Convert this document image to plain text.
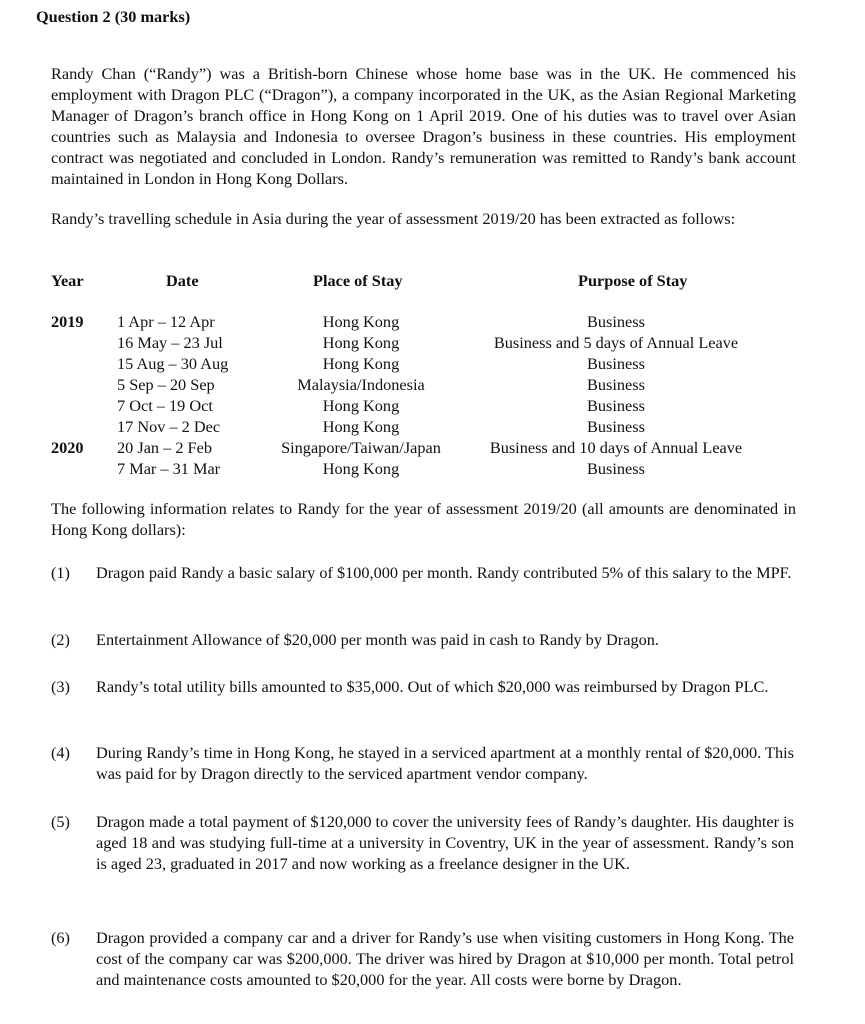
Question 2 (30 marks)
Randy Chan (“Randy”) was a British-born Chinese whose home base was in the UK. He commenced his employment with Dragon PLC (“Dragon”), a company incorporated in the UK, as the Asian Regional Marketing Manager of Dragon’s branch office in Hong Kong on 1 April 2019. One of his duties was to travel over Asian countries such as Malaysia and Indonesia to oversee Dragon’s business in these countries. His employment contract was negotiated and concluded in London. Randy’s remuneration was remitted to Randy’s bank account maintained in London in Hong Kong Dollars.
Randy’s travelling schedule in Asia during the year of assessment 2019/20 has been extracted as follows:
Year	Date	Place of Stay	Purpose of Stay
2019 1 Apr – 12 Apr	Hong Kong	Business
16 May – 23 Jul	Hong Kong	Business and 5 days of Annual Leave
15 Aug – 30 Aug	Hong Kong	Business
5 Sep – 20 Sep	Malaysia/Indonesia	Business
7 Oct – 19 Oct	Hong Kong	Business
17 Nov – 2 Dec	Hong Kong	Business
2020 20 Jan – 2 Feb	Singapore/Taiwan/Japan	Business and 10 days of Annual Leave
7 Mar – 31 Mar	Hong Kong	Business
The following information relates to Randy for the year of assessment 2019/20 (all amounts are denominated in Hong Kong dollars):
(1) Dragon paid Randy a basic salary of $100,000 per month. Randy contributed 5% of this salary to the MPF.
(2) Entertainment Allowance of $20,000 per month was paid in cash to Randy by Dragon.
(3) Randy’s total utility bills amounted to $35,000. Out of which $20,000 was reimbursed by Dragon PLC.
(4) During Randy’s time in Hong Kong, he stayed in a serviced apartment at a monthly rental of $20,000. This was paid for by Dragon directly to the serviced apartment vendor company.
(5) Dragon made a total payment of $120,000 to cover the university fees of Randy’s daughter. His daughter is aged 18 and was studying full-time at a university in Coventry, UK in the year of assessment. Randy’s son is aged 23, graduated in 2017 and now working as a freelance designer in the UK.
(6) Dragon provided a company car and a driver for Randy’s use when visiting customers in Hong Kong. The cost of the company car was $200,000. The driver was hired by Dragon at $10,000 per month. Total petrol and maintenance costs amounted to $20,000 for the year. All costs were borne by Dragon.
